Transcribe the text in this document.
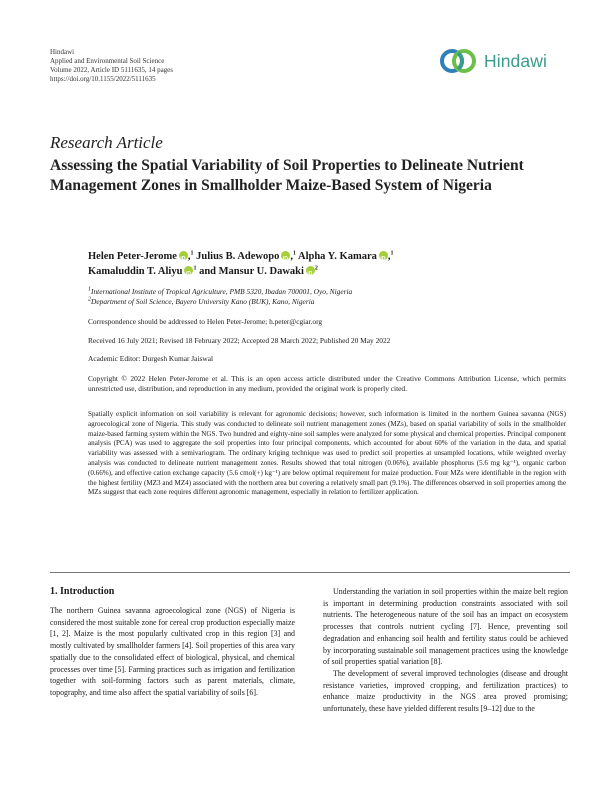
Hindawi
Applied and Environmental Soil Science
Volume 2022, Article ID 5111635, 14 pages
https://doi.org/10.1155/2022/5111635
Hindawi
Research Article
Assessing the Spatial Variability of Soil Properties to Delineate Nutrient Management Zones in Smallholder Maize-Based System of Nigeria
Helen Peter-Jerome iD ,$^1$ Julius B. Adewopo iD ,$^1$ Alpha Y. Kamara iD ,$^1$
Kamaluddin T. Aliyu iD $^1$ and Mansur U. Dawaki iD $^2$
$^1$International Institute of Tropical Agriculture, PMB 5320, Ibadan 700001, Oyo, Nigeria
$^2$Department of Soil Science, Bayero University Kano (BUK), Kano, Nigeria
Correspondence should be addressed to Helen Peter-Jerome; h.peter@cgiar.org
Received 16 July 2021; Revised 18 February 2022; Accepted 28 March 2022; Published 20 May 2022
Academic Editor: Durgesh Kumar Jaiswal
Copyright © 2022 Helen Peter-Jerome et al. This is an open access article distributed under the Creative Commons Attribution License, which permits unrestricted use, distribution, and reproduction in any medium, provided the original work is properly cited.
Spatially explicit information on soil variability is relevant for agronomic decisions; however, such information is limited in the northern Guinea savanna (NGS) agroecological zone of Nigeria. This study was conducted to delineate soil nutrient management zones (MZs), based on spatial variability of soils in the smallholder maize-based farming system within the NGS. Two hundred and eighty-nine soil samples were analyzed for some physical and chemical properties. Principal component analysis (PCA) was used to aggregate the soil properties into four principal components, which accounted for about 60% of the variation in the data, and spatial variability was assessed with a semivariogram. The ordinary kriging technique was used to predict soil properties at unsampled locations, while weighted overlay analysis was conducted to delineate nutrient management zones. Results showed that total nitrogen (0.06%), available phosphorus (5.6 mg kg⁻¹), organic carbon (0.66%), and effective cation exchange capacity (5.6 cmol(+) kg⁻¹) are below optimal requirement for maize production. Four MZs were identifiable in the region with the highest fertility (MZ3 and MZ4) associated with the northern area but covering a relatively small part (9.1%). The differences observed in soil properties among the MZs suggest that each zone requires different agronomic management, especially in relation to fertilizer application.
1. Introduction

The northern Guinea savanna agroecological zone (NGS) of Nigeria is considered the most suitable zone for cereal crop production especially maize [1, 2]. Maize is the most popularly cultivated crop in this region [3] and mostly cultivated by smallholder farmers [4]. Soil properties of this area vary spatially due to the consolidated effect of biological, physical, and chemical processes over time [5]. Farming practices such as irrigation and fertilization together with soil-forming factors such as parent materials, climate, topography, and time also affect the spatial variability of soils [6].

Understanding the variation in soil properties within the maize belt region is important in determining production constraints associated with soil nutrients. The heterogeneous nature of the soil has an impact on ecosystem processes that controls nutrient cycling [7]. Hence, preventing soil degradation and enhancing soil health and fertility status could be achieved by incorporating sustainable soil management practices using the knowledge of soil properties spatial variation [8].

The development of several improved technologies (disease and drought resistance varieties, improved cropping, and fertilization practices) to enhance maize productivity in the NGS area proved promising; unfortunately, these have yielded different results [9–12] due to the
